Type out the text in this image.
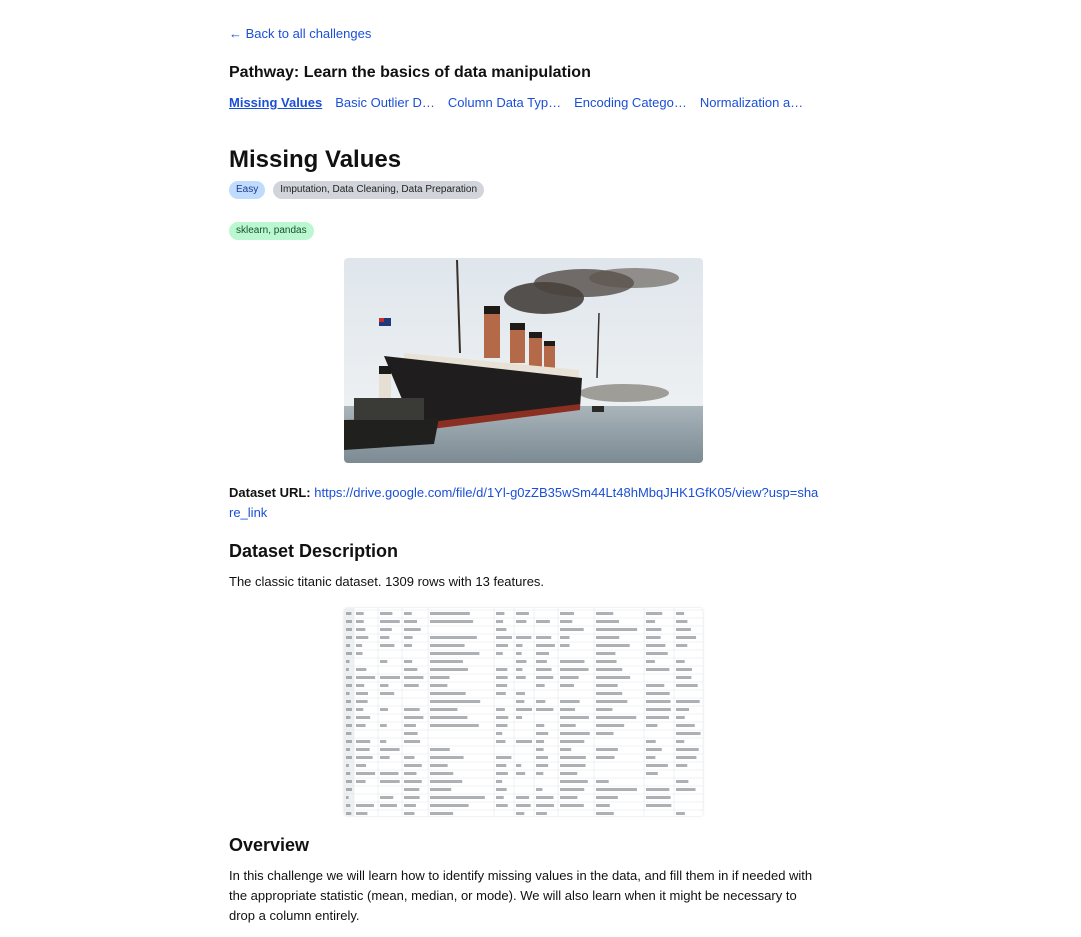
← Back to all challenges
Pathway: Learn the basics of data manipulation
Missing Values Basic Outlier D… Column Data Typ… Encoding Catego… Normalization a…
Missing Values
Easy	Imputation, Data Cleaning, Data Preparation
sklearn, pandas
Dataset URL: https://drive.google.com/file/d/1Yl-g0zZB35wSm44Lt48hMbqJHK1GfK05/view?usp=share_link
Dataset Description

The classic titanic dataset. 1309 rows with 13 features.

Overview

In this challenge we will learn how to identify missing values in the data, and fill them in if needed with the appropriate statistic (mean, median, or mode). We will also learn when it might be necessary to drop a column entirely.
